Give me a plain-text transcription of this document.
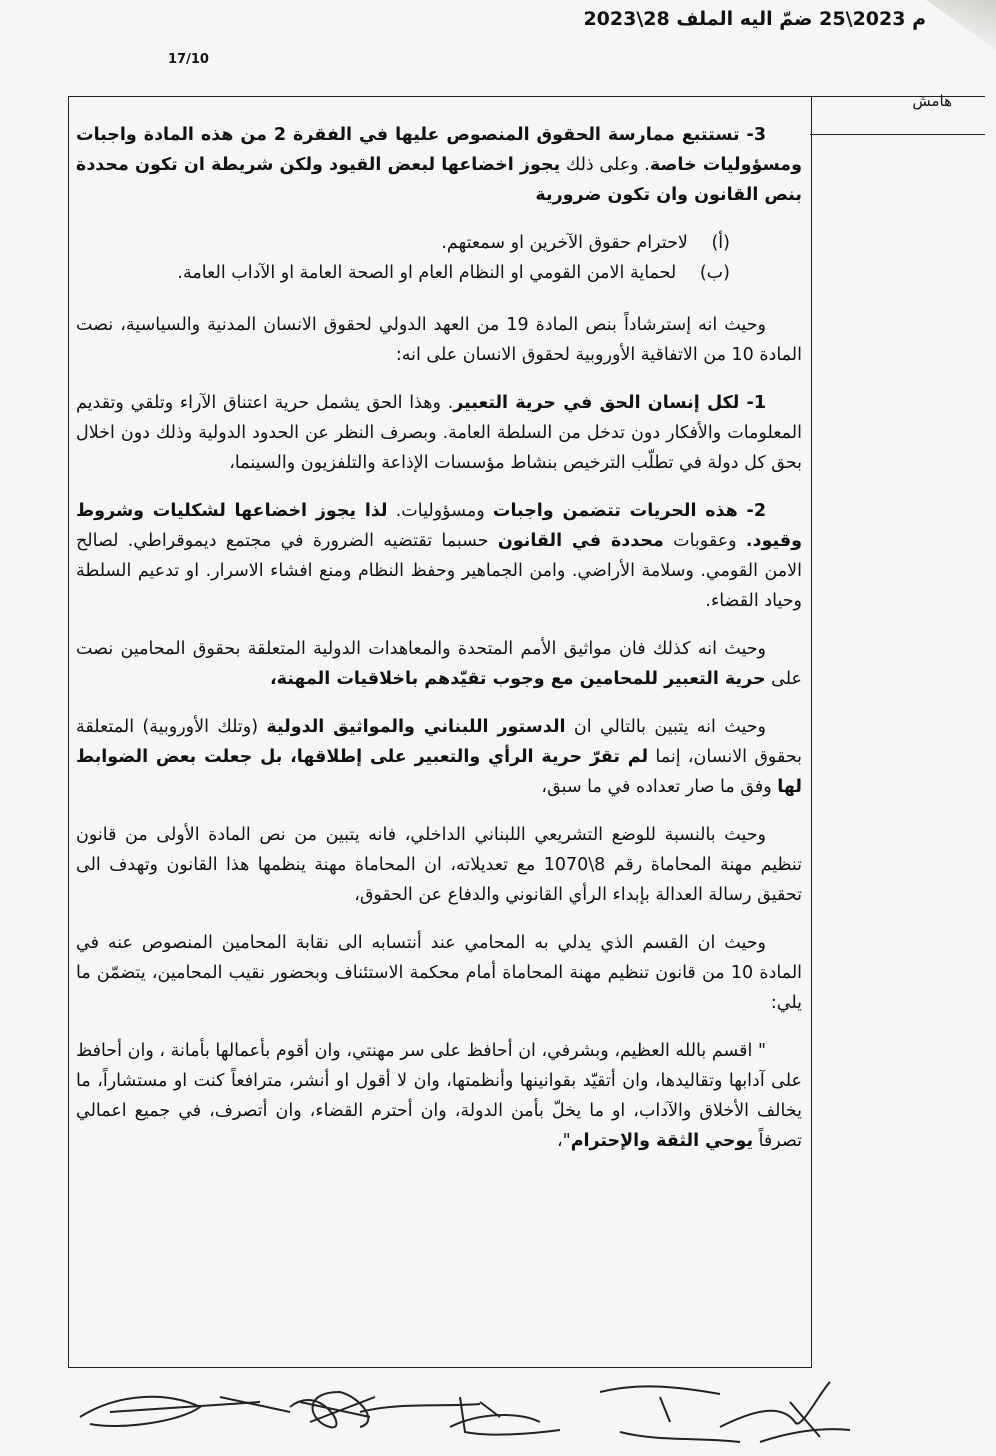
م 2023\25 ضمّ اليه الملف 28\2023
17/10
هامش

3- تستتبع ممارسة الحقوق المنصوص عليها في الفقرة 2 من هذه المادة واجبات ومسؤوليات خاصة. وعلى ذلك يجوز اخضاعها لبعض القيود ولكن شريطة ان تكون محددة بنص القانون وان تكون ضرورية

(أ) لاحترام حقوق الآخرين او سمعتهم.
(ب) لحماية الامن القومي او النظام العام او الصحة العامة او الآداب العامة.

وحيث انه إسترشاداً بنص المادة 19 من العهد الدولي لحقوق الانسان المدنية والسياسية، نصت المادة 10 من الاتفاقية الأوروبية لحقوق الانسان على انه:

1- لكل إنسان الحق في حرية التعبير. وهذا الحق يشمل حرية اعتناق الآراء وتلقي وتقديم المعلومات والأفكار دون تدخل من السلطة العامة. وبصرف النظر عن الحدود الدولية وذلك دون اخلال بحق كل دولة في تطلّب الترخيص بنشاط مؤسسات الإذاعة والتلفزيون والسينما،

2- هذه الحريات تتضمن واجبات ومسؤوليات. لذا يجوز اخضاعها لشكليات وشروط وقيود. وعقوبات محددة في القانون حسبما تقتضيه الضرورة في مجتمع ديموقراطي. لصالح الامن القومي. وسلامة الأراضي. وامن الجماهير وحفظ النظام ومنع افشاء الاسرار. او تدعيم السلطة وحياد القضاء.

وحيث انه كذلك فان مواثيق الأمم المتحدة والمعاهدات الدولية المتعلقة بحقوق المحامين نصت على حرية التعبير للمحامين مع وجوب تقيّدهم باخلاقيات المهنة،

وحيث انه يتبين بالتالي ان الدستور اللبناني والمواثيق الدولية (وتلك الأوروبية) المتعلقة بحقوق الانسان، إنما لم تقرّ حرية الرأي والتعبير على إطلاقها، بل جعلت بعض الضوابط لها وفق ما صار تعداده في ما سبق،

وحيث بالنسبة للوضع التشريعي اللبناني الداخلي، فانه يتبين من نص المادة الأولى من قانون تنظيم مهنة المحاماة رقم 8\1070 مع تعديلاته، ان المحاماة مهنة ينظمها هذا القانون وتهدف الى تحقيق رسالة العدالة بإبداء الرأي القانوني والدفاع عن الحقوق،

وحيث ان القسم الذي يدلي به المحامي عند أنتسابه الى نقابة المحامين المنصوص عنه في المادة 10 من قانون تنظيم مهنة المحاماة أمام محكمة الاستئناف وبحضور نقيب المحامين، يتضمّن ما يلي:

" اقسم بالله العظيم، وبشرفي، ان أحافظ على سر مهنتي، وان أقوم بأعمالها بأمانة ، وان أحافظ على آدابها وتقاليدها، وان أتقيّد بقوانينها وأنظمتها، وان لا أقول او أنشر، مترافعاً كنت او مستشاراً، ما يخالف الأخلاق والآداب، او ما يخلّ بأمن الدولة، وان أحترم القضاء، وان أتصرف، في جميع اعمالي تصرفاً يوحي الثقة والإحترام"،
